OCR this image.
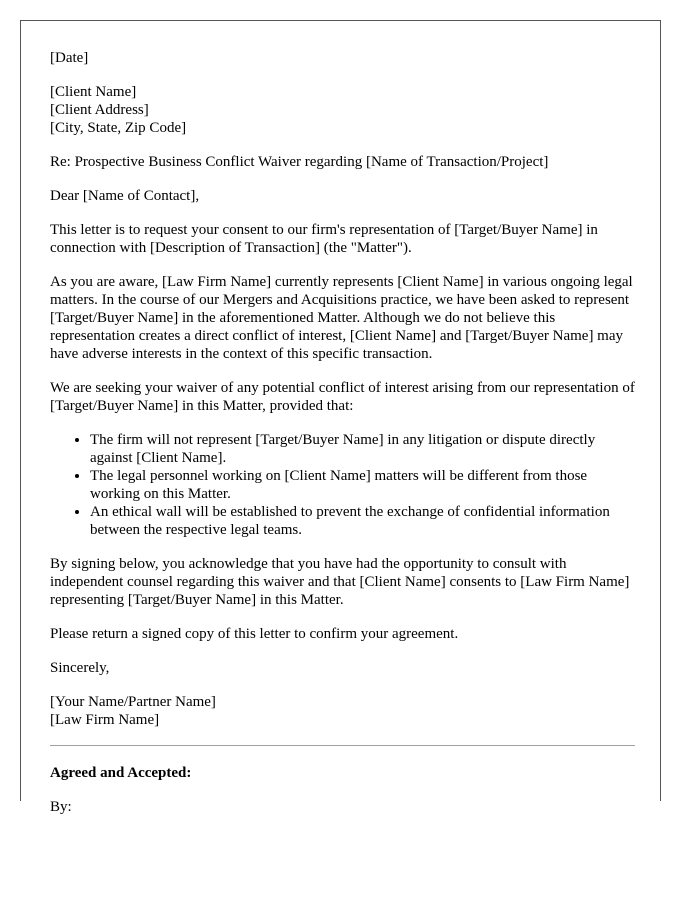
[Date]

[Client Name]
[Client Address]
[City, State, Zip Code]

Re: Prospective Business Conflict Waiver regarding [Name of Transaction/Project]

Dear [Name of Contact],

This letter is to request your consent to our firm's representation of [Target/Buyer Name] in connection with [Description of Transaction] (the "Matter").

As you are aware, [Law Firm Name] currently represents [Client Name] in various ongoing legal matters. In the course of our Mergers and Acquisitions practice, we have been asked to represent [Target/Buyer Name] in the aforementioned Matter. Although we do not believe this representation creates a direct conflict of interest, [Client Name] and [Target/Buyer Name] may have adverse interests in the context of this specific transaction.

We are seeking your waiver of any potential conflict of interest arising from our representation of [Target/Buyer Name] in this Matter, provided that:

• The firm will not represent [Target/Buyer Name] in any litigation or dispute directly against [Client Name].
• The legal personnel working on [Client Name] matters will be different from those working on this Matter.
• An ethical wall will be established to prevent the exchange of confidential information between the respective legal teams.

By signing below, you acknowledge that you have had the opportunity to consult with independent counsel regarding this waiver and that [Client Name] consents to [Law Firm Name] representing [Target/Buyer Name] in this Matter.

Please return a signed copy of this letter to confirm your agreement.

Sincerely,

[Your Name/Partner Name]
[Law Firm Name]

Agreed and Accepted:

By:
